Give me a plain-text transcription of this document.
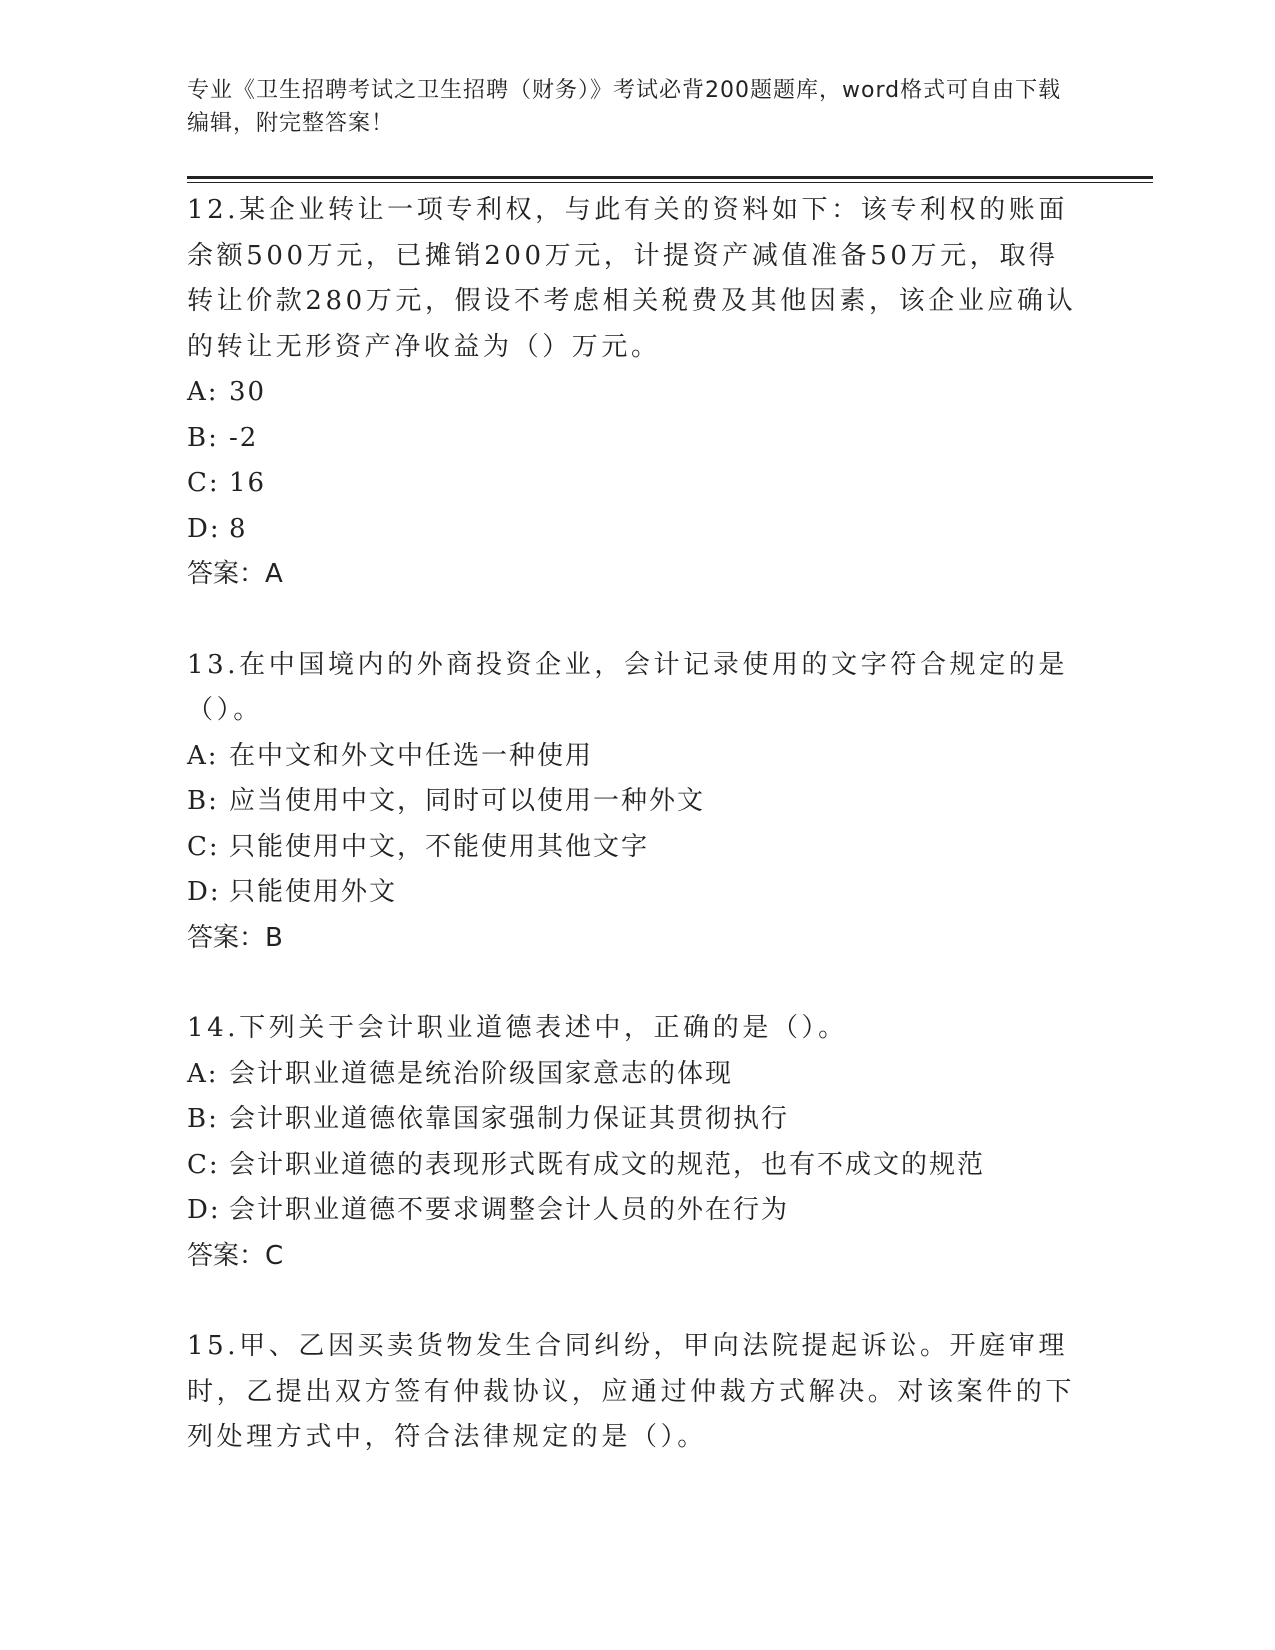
专业《卫生招聘考试之卫生招聘（财务）》考试必背200题题库，word格式可自由下载编辑，附完整答案！

12.某企业转让一项专利权，与此有关的资料如下：该专利权的账面余额500万元，已摊销200万元，计提资产减值准备50万元，取得转让价款280万元，假设不考虑相关税费及其他因素，该企业应确认的转让无形资产净收益为（）万元。

A: 30

B: -2

C: 16

D: 8

答案：A

13.在中国境内的外商投资企业，会计记录使用的文字符合规定的是（）。

A: 在中文和外文中任选一种使用

B: 应当使用中文，同时可以使用一种外文

C: 只能使用中文，不能使用其他文字

D: 只能使用外文

答案：B

14.下列关于会计职业道德表述中，正确的是（）。

A: 会计职业道德是统治阶级国家意志的体现

B: 会计职业道德依靠国家强制力保证其贯彻执行

C: 会计职业道德的表现形式既有成文的规范，也有不成文的规范

D: 会计职业道德不要求调整会计人员的外在行为

答案：C

15.甲、乙因买卖货物发生合同纠纷，甲向法院提起诉讼。开庭审理时，乙提出双方签有仲裁协议，应通过仲裁方式解决。对该案件的下列处理方式中，符合法律规定的是（）。
